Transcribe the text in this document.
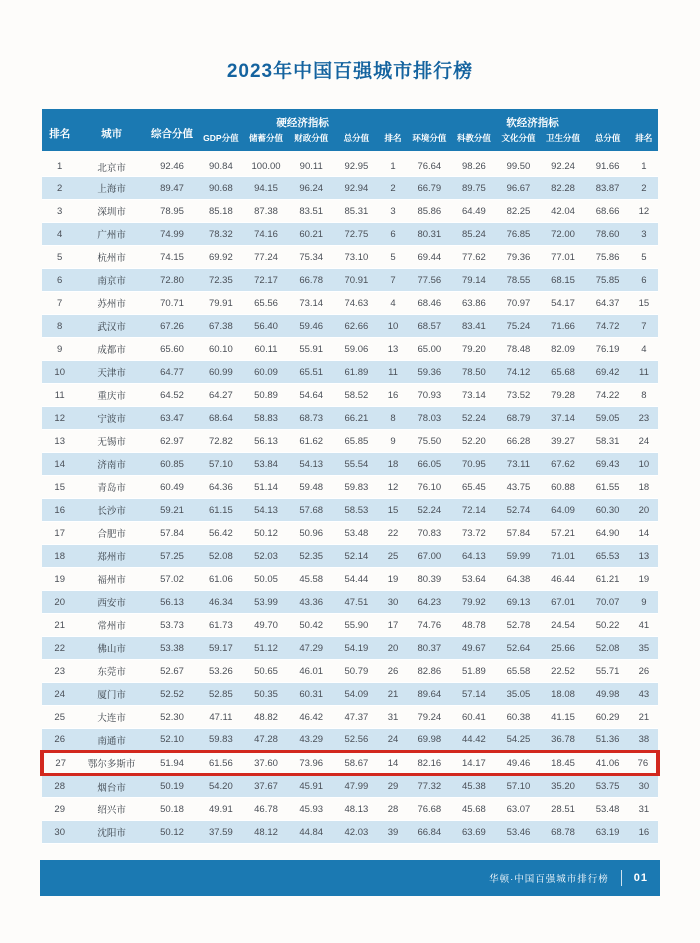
2023年中国百强城市排行榜
排名	城市	综合分值	硬经济指标					软经济指标					
			GDP分值	储蓄分值	财政分值	总分值	排名	环境分值	科教分值	文化分值	卫生分值	总分值	排名
1	北京市	92.46	90.84	100.00	90.11	92.95	1	76.64	98.26	99.50	92.24	91.66	1
2	上海市	89.47	90.68	94.15	96.24	92.94	2	66.79	89.75	96.67	82.28	83.87	2
3	深圳市	78.95	85.18	87.38	83.51	85.31	3	85.86	64.49	82.25	42.04	68.66	12
4	广州市	74.99	78.32	74.16	60.21	72.75	6	80.31	85.24	76.85	72.00	78.60	3
5	杭州市	74.15	69.92	77.24	75.34	73.10	5	69.44	77.62	79.36	77.01	75.86	5
6	南京市	72.80	72.35	72.17	66.78	70.91	7	77.56	79.14	78.55	68.15	75.85	6
7	苏州市	70.71	79.91	65.56	73.14	74.63	4	68.46	63.86	70.97	54.17	64.37	15
8	武汉市	67.26	67.38	56.40	59.46	62.66	10	68.57	83.41	75.24	71.66	74.72	7
9	成都市	65.60	60.10	60.11	55.91	59.06	13	65.00	79.20	78.48	82.09	76.19	4
10	天津市	64.77	60.99	60.09	65.51	61.89	11	59.36	78.50	74.12	65.68	69.42	11
11	重庆市	64.52	64.27	50.89	54.64	58.52	16	70.93	73.14	73.52	79.28	74.22	8
12	宁波市	63.47	68.64	58.83	68.73	66.21	8	78.03	52.24	68.79	37.14	59.05	23
13	无锡市	62.97	72.82	56.13	61.62	65.85	9	75.50	52.20	66.28	39.27	58.31	24
14	济南市	60.85	57.10	53.84	54.13	55.54	18	66.05	70.95	73.11	67.62	69.43	10
15	青岛市	60.49	64.36	51.14	59.48	59.83	12	76.10	65.45	43.75	60.88	61.55	18
16	长沙市	59.21	61.15	54.13	57.68	58.53	15	52.24	72.14	52.74	64.09	60.30	20
17	合肥市	57.84	56.42	50.12	50.96	53.48	22	70.83	73.72	57.84	57.21	64.90	14
18	郑州市	57.25	52.08	52.03	52.35	52.14	25	67.00	64.13	59.99	71.01	65.53	13
19	福州市	57.02	61.06	50.05	45.58	54.44	19	80.39	53.64	64.38	46.44	61.21	19
20	西安市	56.13	46.34	53.99	43.36	47.51	30	64.23	79.92	69.13	67.01	70.07	9
21	常州市	53.73	61.73	49.70	50.42	55.90	17	74.76	48.78	52.78	24.54	50.22	41
22	佛山市	53.38	59.17	51.12	47.29	54.19	20	80.37	49.67	52.64	25.66	52.08	35
23	东莞市	52.67	53.26	50.65	46.01	50.79	26	82.86	51.89	65.58	22.52	55.71	26
24	厦门市	52.52	52.85	50.35	60.31	54.09	21	89.64	57.14	35.05	18.08	49.98	43
25	大连市	52.30	47.11	48.82	46.42	47.37	31	79.24	60.41	60.38	41.15	60.29	21
26	南通市	52.10	59.83	47.28	43.29	52.56	24	69.98	44.42	54.25	36.78	51.36	38
27	鄂尔多斯市	51.94	61.56	37.60	73.96	58.67	14	82.16	14.17	49.46	18.45	41.06	76
28	烟台市	50.19	54.20	37.67	45.91	47.99	29	77.32	45.38	57.10	35.20	53.75	30
29	绍兴市	50.18	49.91	46.78	45.93	48.13	28	76.68	45.68	63.07	28.51	53.48	31
30	沈阳市	50.12	37.59	48.12	44.84	42.03	39	66.84	63.69	53.46	68.78	63.19	16
华顿·中国百强城市排行榜 01
